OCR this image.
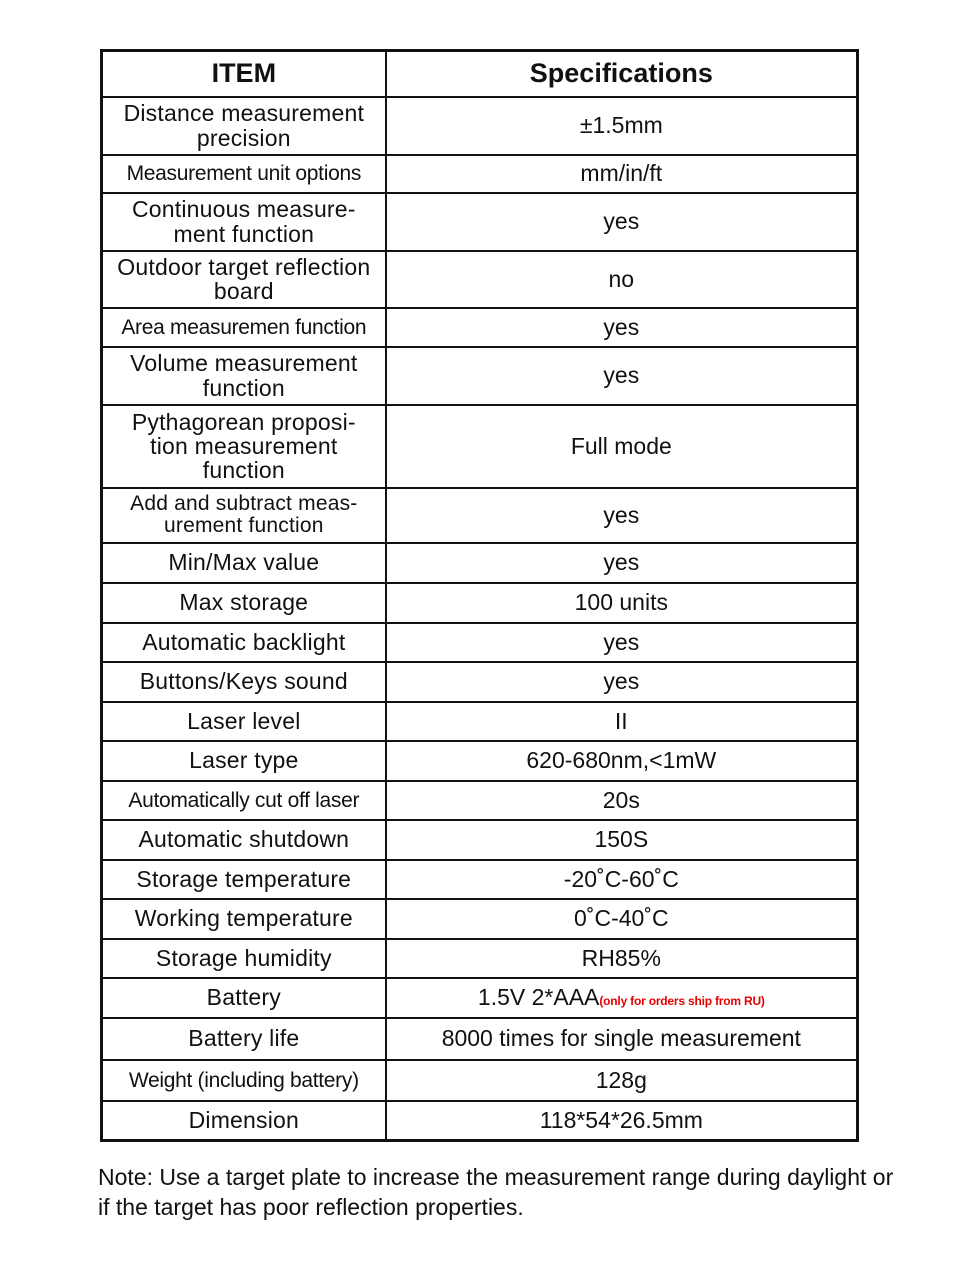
ITEM	Specifications
Distance measurement precision	±1.5mm
Measurement unit options	mm/in/ft
Continuous measure-ment function	yes
Outdoor target reflection board	no
Area measuremen function	yes
Volume measurement function	yes
Pythagorean proposi-tion measurement function	Full mode
Add and subtract meas-urement function	yes
Min/Max value	yes
Max storage	100 units
Automatic backlight	yes
Buttons/Keys sound	yes
Laser level	II
Laser type	620-680nm,<1mW
Automatically cut off laser	20s
Automatic shutdown	150S
Storage temperature	-20˚C-60˚C
Working temperature	0˚C-40˚C
Storage humidity	RH85%
Battery	1.5V 2*AAA(only for orders ship from RU)
Battery life	8000 times for single measurement
Weight (including battery)	128g
Dimension	118*54*26.5mm
Note: Use a target plate to increase the measurement range during daylight or if the target has poor reflection properties.
